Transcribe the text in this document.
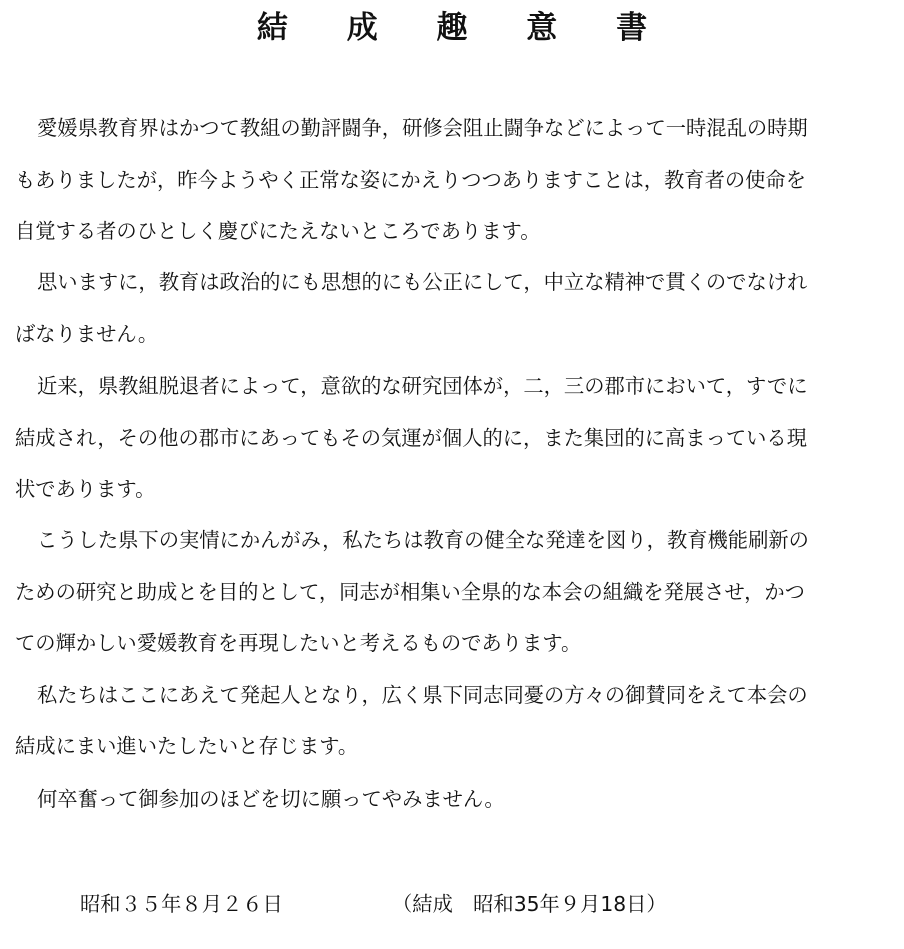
結 成 趣 意 書

愛媛県教育界はかつて教組の勤評闘争，研修会阻止闘争などによって一時混乱の時期

もありましたが，昨今ようやく正常な姿にかえりつつありますことは，教育者の使命を

自覚する者のひとしく慶びにたえないところであります。

思いますに，教育は政治的にも思想的にも公正にして，中立な精神で貫くのでなけれ

ばなりません。

近来，県教組脱退者によって，意欲的な研究団体が，二，三の郡市において，すでに

結成され，その他の郡市にあってもその気運が個人的に，また集団的に高まっている現

状であります。

こうした県下の実情にかんがみ，私たちは教育の健全な発達を図り，教育機能刷新の

ための研究と助成とを目的として，同志が相集い全県的な本会の組織を発展させ，かつ

ての輝かしい愛媛教育を再現したいと考えるものであります。

私たちはここにあえて発起人となり，広く県下同志同憂の方々の御賛同をえて本会の

結成にまい進いたしたいと存じます。

何卒奮って御参加のほどを切に願ってやみません。

昭和３５年８月２６日	（結成　昭和35年９月18日）
